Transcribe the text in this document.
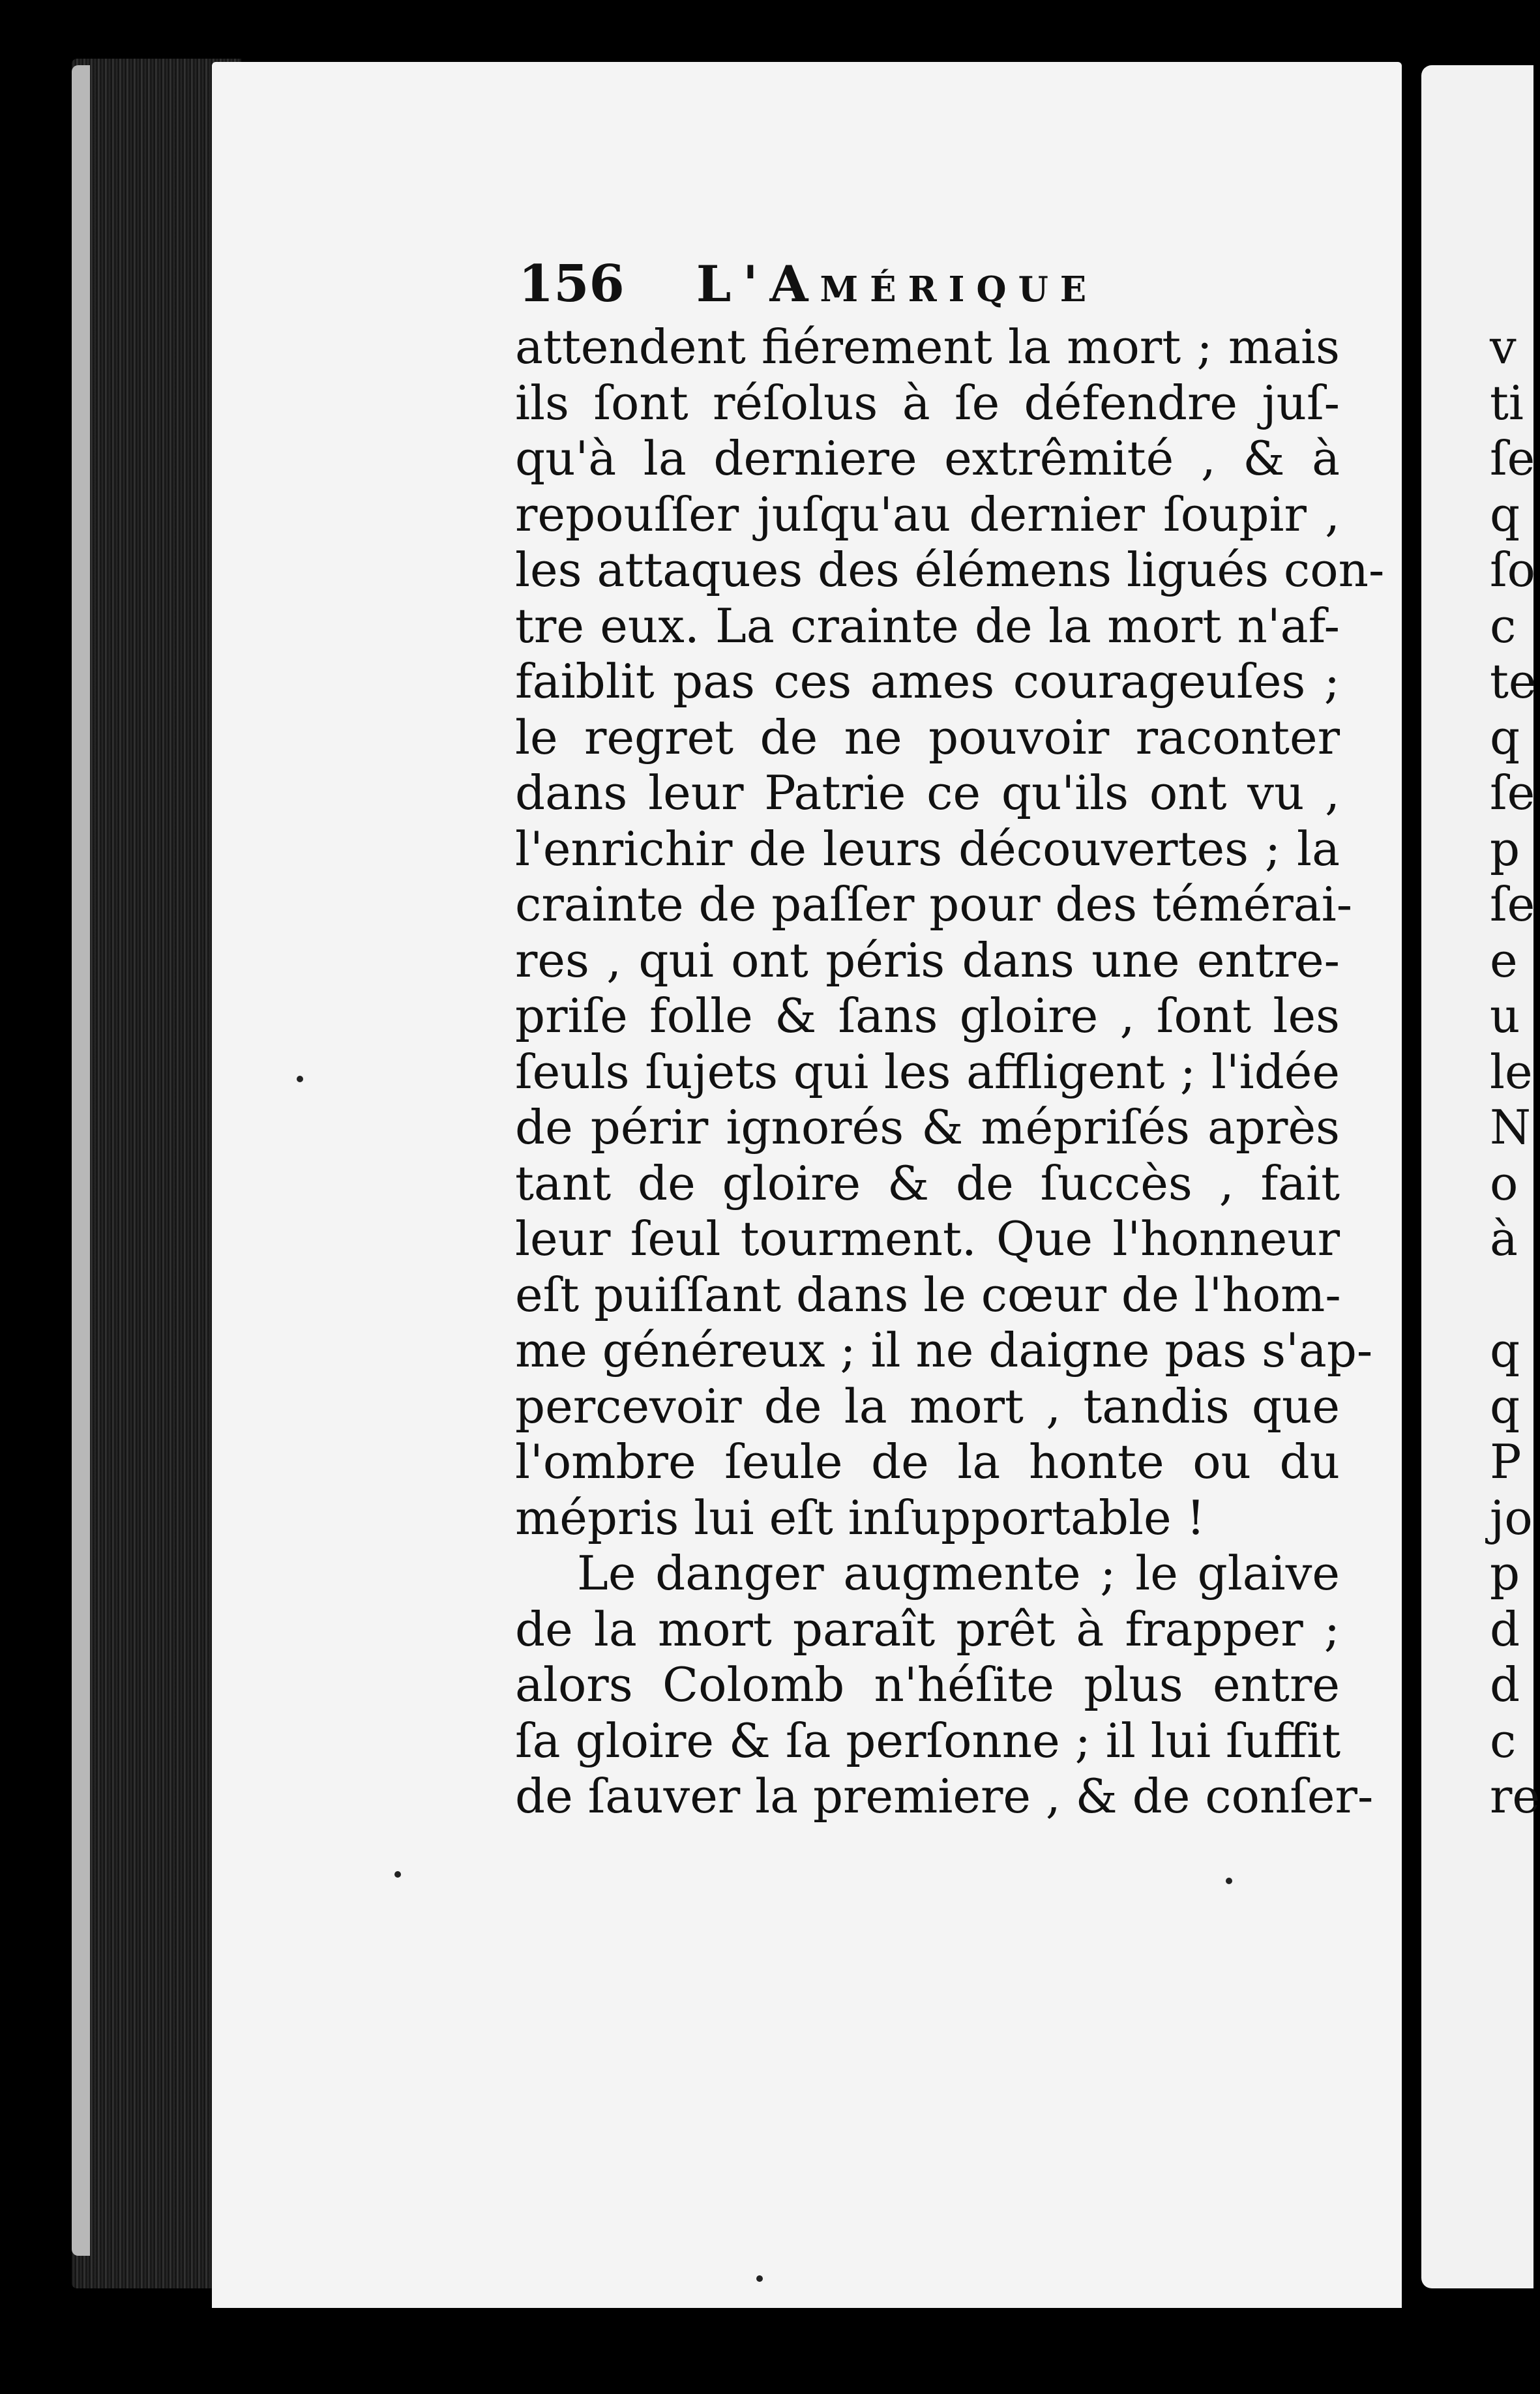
156 L'Amérique
attendent fiérement la mort ; mais
ils ſont réſolus à ſe défendre juſ-
qu'à la derniere extrêmité , & à
repouſſer juſqu'au dernier ſoupir ,
les attaques des élémens ligués con-
tre eux. La crainte de la mort n'af-
faiblit pas ces ames courageuſes ;
le regret de ne pouvoir raconter
dans leur Patrie ce qu'ils ont vu ,
l'enrichir de leurs découvertes ; la
crainte de paſſer pour des témérai-
res , qui ont péris dans une entre-
priſe folle & ſans gloire , ſont les
ſeuls ſujets qui les affligent ; l'idée
de périr ignorés & mépriſés après
tant de gloire & de ſuccès , fait
leur ſeul tourment. Que l'honneur
eſt puiſſant dans le cœur de l'hom-
me généreux ; il ne daigne pas s'ap-
percevoir de la mort , tandis que
l'ombre ſeule de la honte ou du
mépris lui eſt inſupportable !
Le danger augmente ; le glaive
de la mort paraît prêt à frapper ;
alors Colomb n'héſite plus entre
ſa gloire & ſa perſonne ; il lui ſuffit
de ſauver la premiere , & de conſer-
v
ti
ſe
q
ſo
c
te
q
ſe
p
ſe
e
u
le
N
o
à
q
q
P
jo
p
d
d
c
re
